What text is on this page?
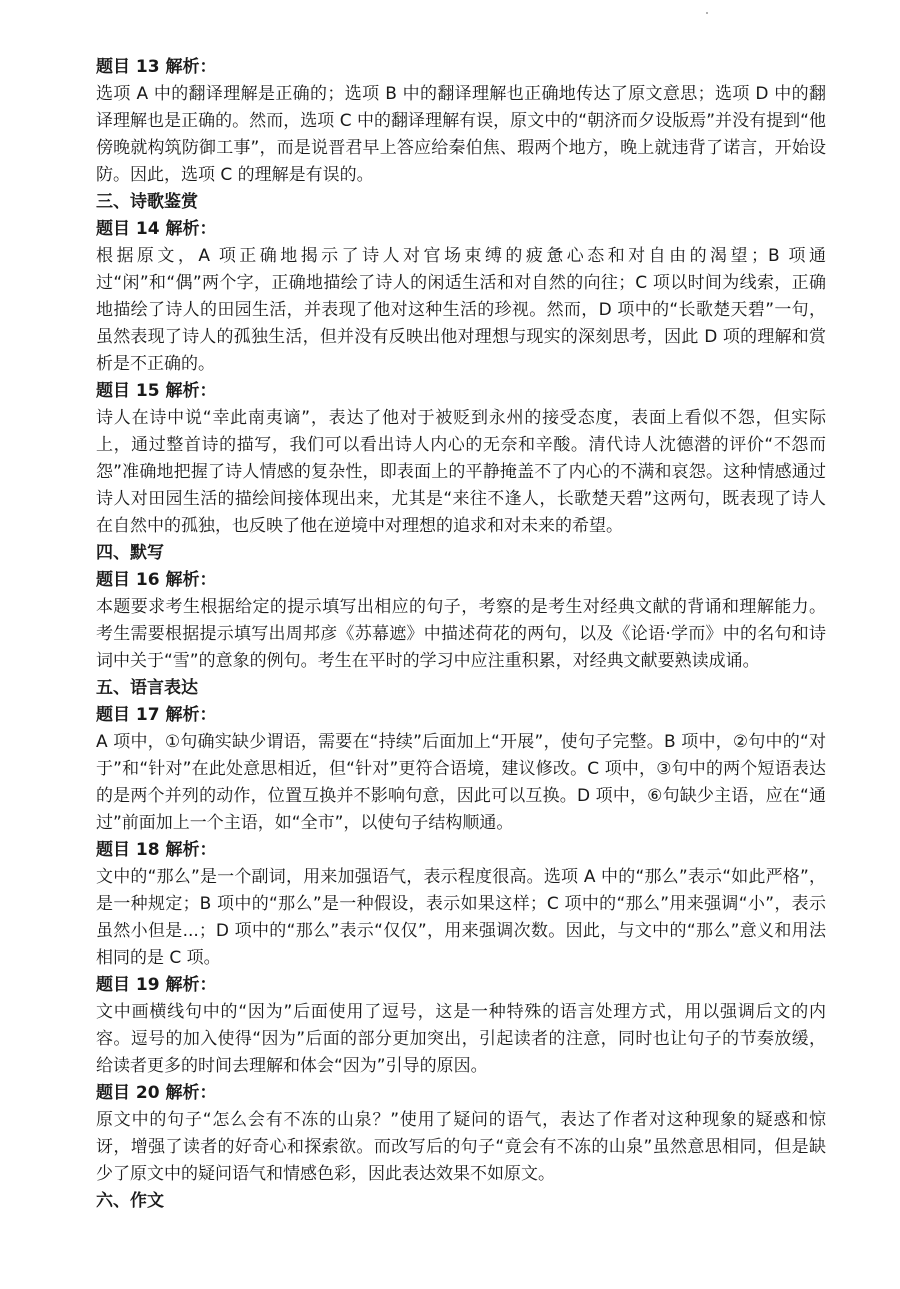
题目 13 解析：
选项 A 中的翻译理解是正确的；选项 B 中的翻译理解也正确地传达了原文意思；选项 D 中的翻译理解也是正确的。然而，选项 C 中的翻译理解有误，原文中的“朝济而夕设版焉”并没有提到“他傍晚就构筑防御工事”，而是说晋君早上答应给秦伯焦、瑕两个地方，晚上就违背了诺言，开始设防。因此，选项 C 的理解是有误的。
三、诗歌鉴赏
题目 14 解析：
根据原文，A 项正确地揭示了诗人对官场束缚的疲惫心态和对自由的渴望；B 项通过“闲”和“偶”两个字，正确地描绘了诗人的闲适生活和对自然的向往；C 项以时间为线索，正确地描绘了诗人的田园生活，并表现了他对这种生活的珍视。然而，D 项中的“长歌楚天碧”一句，虽然表现了诗人的孤独生活，但并没有反映出他对理想与现实的深刻思考，因此 D 项的理解和赏析是不正确的。
题目 15 解析：
诗人在诗中说“幸此南夷谪”，表达了他对于被贬到永州的接受态度，表面上看似不怨，但实际上，通过整首诗的描写，我们可以看出诗人内心的无奈和辛酸。清代诗人沈德潜的评价“不怨而怨”准确地把握了诗人情感的复杂性，即表面上的平静掩盖不了内心的不满和哀怨。这种情感通过诗人对田园生活的描绘间接体现出来，尤其是“来往不逢人，长歌楚天碧”这两句，既表现了诗人在自然中的孤独，也反映了他在逆境中对理想的追求和对未来的希望。
四、默写
题目 16 解析：
本题要求考生根据给定的提示填写出相应的句子，考察的是考生对经典文献的背诵和理解能力。考生需要根据提示填写出周邦彦《苏幕遮》中描述荷花的两句，以及《论语·学而》中的名句和诗词中关于“雪”的意象的例句。考生在平时的学习中应注重积累，对经典文献要熟读成诵。
五、语言表达
题目 17 解析：
A 项中，①句确实缺少谓语，需要在“持续”后面加上“开展”，使句子完整。B 项中，②句中的“对于”和“针对”在此处意思相近，但“针对”更符合语境，建议修改。C 项中，③句中的两个短语表达的是两个并列的动作，位置互换并不影响句意，因此可以互换。D 项中，⑥句缺少主语，应在“通过”前面加上一个主语，如“全市”，以使句子结构顺通。
题目 18 解析：
文中的“那么”是一个副词，用来加强语气，表示程度很高。选项 A 中的“那么”表示“如此严格”，是一种规定；B 项中的“那么”是一种假设，表示如果这样；C 项中的“那么”用来强调“小”，表示虽然小但是...；D 项中的“那么”表示“仅仅”，用来强调次数。因此，与文中的“那么”意义和用法相同的是 C 项。
题目 19 解析：
文中画横线句中的“因为”后面使用了逗号，这是一种特殊的语言处理方式，用以强调后文的内容。逗号的加入使得“因为”后面的部分更加突出，引起读者的注意，同时也让句子的节奏放缓，给读者更多的时间去理解和体会“因为”引导的原因。
题目 20 解析：
原文中的句子“怎么会有不冻的山泉？”使用了疑问的语气，表达了作者对这种现象的疑惑和惊讶，增强了读者的好奇心和探索欲。而改写后的句子“竟会有不冻的山泉”虽然意思相同，但是缺少了原文中的疑问语气和情感色彩，因此表达效果不如原文。
六、作文
